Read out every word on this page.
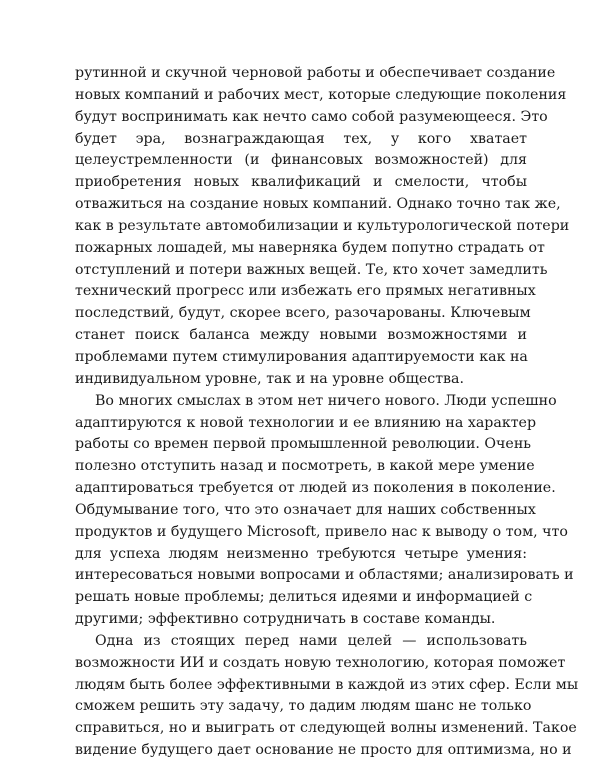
рутинной и скучной черновой работы и обеспечивает создание
новых компаний и рабочих мест, которые следующие поколения
будут воспринимать как нечто само собой разумеющееся. Это
будет эра, вознаграждающая тех, у кого хватает
целеустремленности (и финансовых возможностей) для
приобретения новых квалификаций и смелости, чтобы
отважиться на создание новых компаний. Однако точно так же,
как в результате автомобилизации и культурологической потери
пожарных лошадей, мы наверняка будем попутно страдать от
отступлений и потери важных вещей. Те, кто хочет замедлить
технический прогресс или избежать его прямых негативных
последствий, будут, скорее всего, разочарованы. Ключевым
станет поиск баланса между новыми возможностями и
проблемами путем стимулирования адаптируемости как на
индивидуальном уровне, так и на уровне общества.
Во многих смыслах в этом нет ничего нового. Люди успешно
адаптируются к новой технологии и ее влиянию на характер
работы со времен первой промышленной революции. Очень
полезно отступить назад и посмотреть, в какой мере умение
адаптироваться требуется от людей из поколения в поколение.
Обдумывание того, что это означает для наших собственных
продуктов и будущего Microsoft, привело нас к выводу о том, что
для успеха людям неизменно требуются четыре умения:
интересоваться новыми вопросами и областями; анализировать и
решать новые проблемы; делиться идеями и информацией с
другими; эффективно сотрудничать в составе команды.
Одна из стоящих перед нами целей — использовать
возможности ИИ и создать новую технологию, которая поможет
людям быть более эффективными в каждой из этих сфер. Если мы
сможем решить эту задачу, то дадим людям шанс не только
справиться, но и выиграть от следующей волны изменений. Такое
видение будущего дает основание не просто для оптимизма, но и
